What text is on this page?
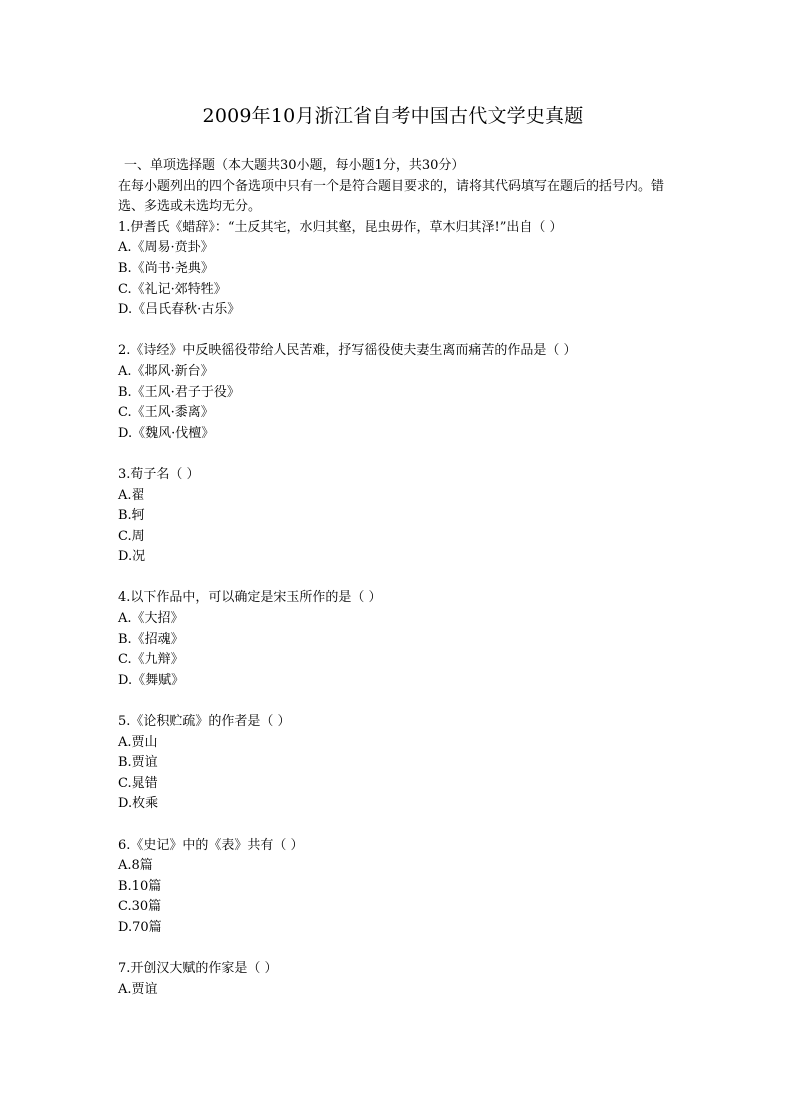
2009年10月浙江省自考中国古代文学史真题
一、单项选择题（本大题共30小题，每小题1分，共30分）
在每小题列出的四个备选项中只有一个是符合题目要求的，请将其代码填写在题后的括号内。错选、多选或未选均无分。
1.伊耆氏《蜡辞》：“土反其宅，水归其壑，昆虫毋作，草木归其泽!”出自（ ）
A.《周易·贲卦》
B.《尚书·尧典》
C.《礼记·郊特牲》
D.《吕氏春秋·古乐》
2.《诗经》中反映徭役带给人民苦难，抒写徭役使夫妻生离而痛苦的作品是（ ）
A.《邶风·新台》
B.《王风·君子于役》
C.《王风·黍离》
D.《魏风·伐檀》
3.荀子名（ ）
A.翟
B.轲
C.周
D.况
4.以下作品中，可以确定是宋玉所作的是（ ）
A.《大招》
B.《招魂》
C.《九辩》
D.《舞赋》
5.《论积贮疏》的作者是（ ）
A.贾山
B.贾谊
C.晁错
D.枚乘
6.《史记》中的《表》共有（ ）
A.8篇
B.10篇
C.30篇
D.70篇
7.开创汉大赋的作家是（ ）
A.贾谊
